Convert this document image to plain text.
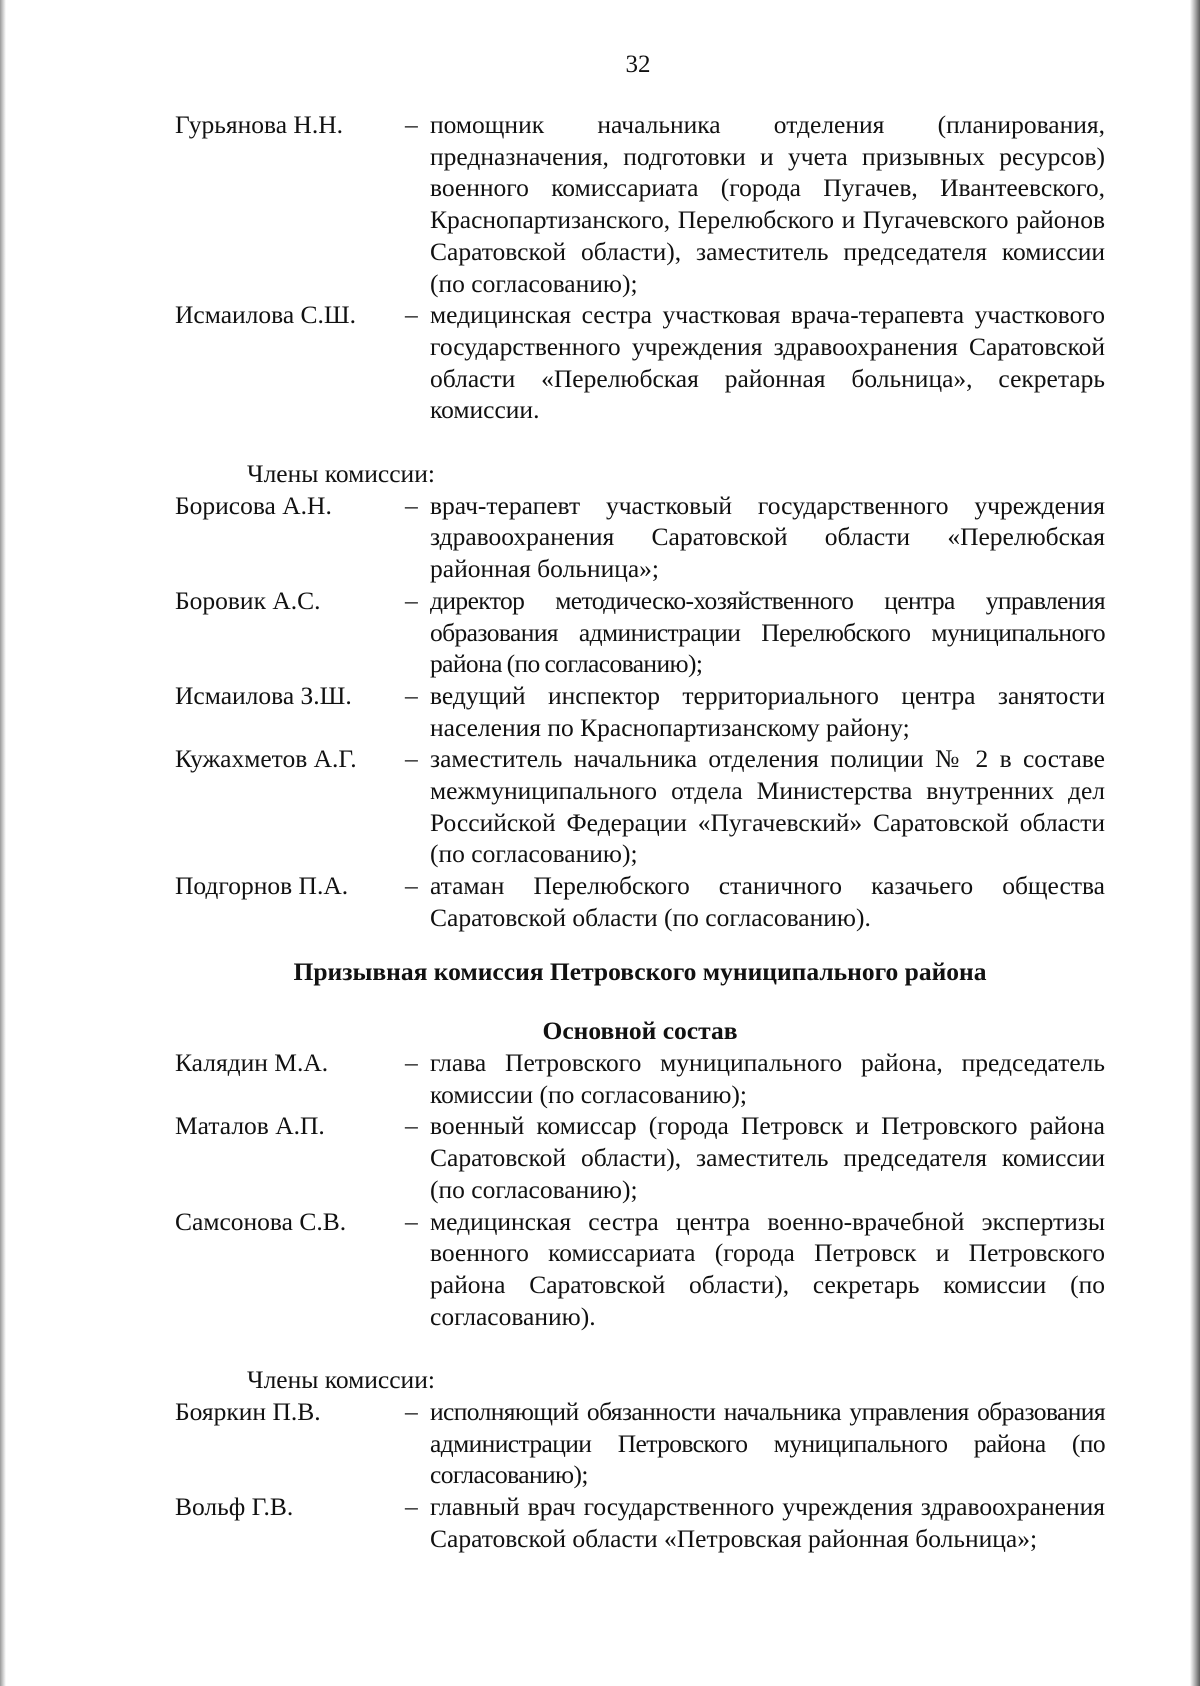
32
Гурьянова Н.Н.	– помощник начальника отделения (планирования, предназначения, подготовки и учета призывных ресурсов) военного комиссариата (города Пугачев, Ивантеевского, Краснопартизанского, Перелюбского и Пугачевского районов Саратовской области), заместитель председателя комиссии (по согласованию);
Исмаилова С.Ш.	– медицинская сестра участковая врача-терапевта участкового государственного учреждения здравоохранения Саратовской области «Перелюбская районная больница», секретарь комиссии.
Члены комиссии:
Борисова А.Н.	– врач-терапевт участковый государственного учреждения здравоохранения Саратовской области «Перелюбская районная больница»;
Боровик А.С.	– директор методическо-хозяйственного центра управления образования администрации Перелюбского муниципального района (по согласованию);
Исмаилова З.Ш.	– ведущий инспектор территориального центра занятости населения по Краснопартизанскому району;
Кужахметов А.Г.	– заместитель начальника отделения полиции № 2 в составе межмуниципального отдела Министерства внутренних дел Российской Федерации «Пугачевский» Саратовской области (по согласованию);
Подгорнов П.А.	– атаман Перелюбского станичного казачьего общества Саратовской области (по согласованию).
Призывная комиссия Петровского муниципального района
Основной состав
Калядин М.А.	– глава Петровского муниципального района, председатель комиссии (по согласованию);
Маталов А.П.	– военный комиссар (города Петровск и Петровского района Саратовской области), заместитель председателя комиссии (по согласованию);
Самсонова С.В.	– медицинская сестра центра военно-врачебной экспертизы военного комиссариата (города Петровск и Петровского района Саратовской области), секретарь комиссии (по согласованию).
Члены комиссии:
Бояркин П.В.	– исполняющий обязанности начальника управления образования администрации Петровского муниципального района (по согласованию);
Вольф Г.В.	– главный врач государственного учреждения здравоохранения Саратовской области «Петровская районная больница»;
